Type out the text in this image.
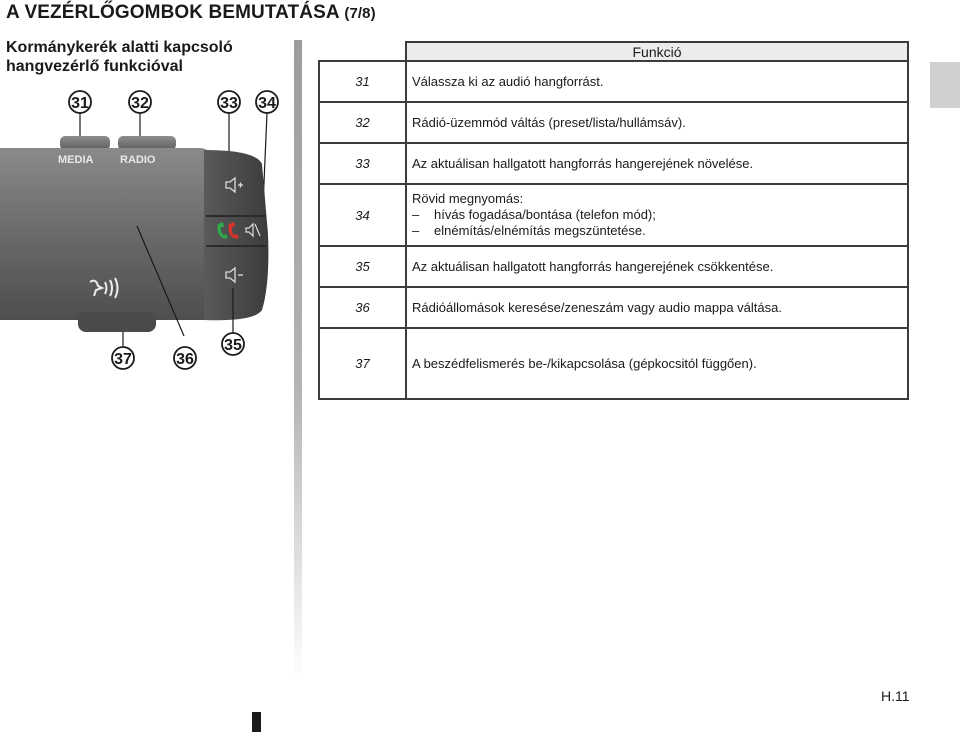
A VEZÉRLŐGOMBOK BEMUTATÁSA (7/8)
Kormánykerék alatti kapcsoló
hangvezérlő funkcióval
31	32	33 34
MEDIA RADIO
37	36
35
	Funkció
31	Válassza ki az audió hangforrást.
32	Rádió-üzemmód váltás (preset/lista/hullámsáv).
33	Az aktuálisan hallgatott hangforrás hangerejének növelése.
34	Rövid megnyomás:
– hívás fogadása/bontása (telefon mód);
– elnémítás/elnémítás megszüntetése.

35	Az aktuálisan hallgatott hangforrás hangerejének csökkentése.
36	Rádióállomások keresése/zeneszám vagy audio mappa váltása.
37	A beszédfelismerés be-/kikapcsolása (gépkocsitól függően).
H.11
